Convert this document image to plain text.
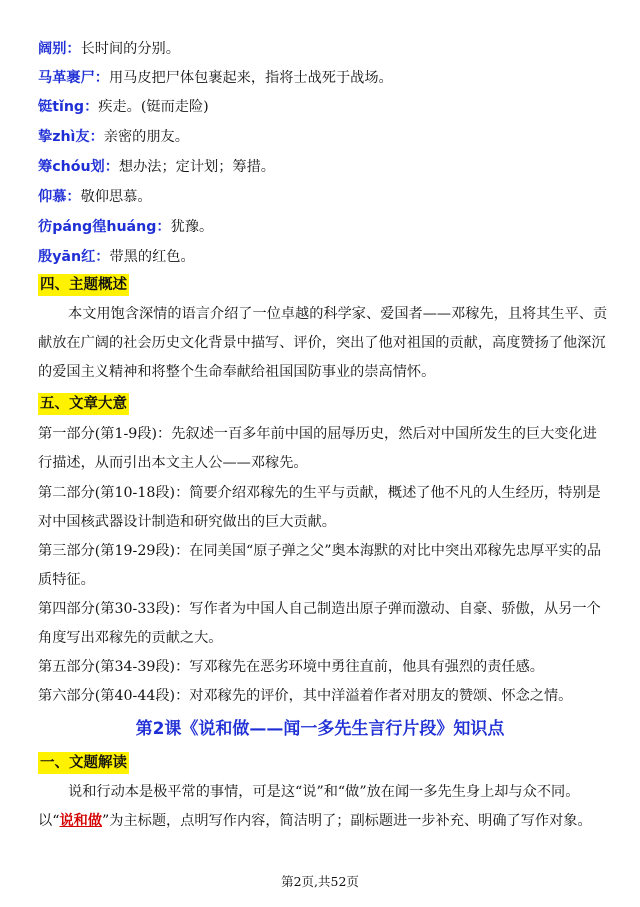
阔别：长时间的分别。
马革裹尸：用马皮把尸体包裹起来，指将士战死于战场。
铤tǐng：疾走。(铤而走险)
挚zhì友：亲密的朋友。
筹chóu划：想办法；定计划；筹措。
仰慕：敬仰思慕。
彷páng徨huáng：犹豫。
殷yān红：带黑的红色。
四、主题概述
本文用饱含深情的语言介绍了一位卓越的科学家、爱国者——邓稼先，且将其生平、贡献放在广阔的社会历史文化背景中描写、评价，突出了他对祖国的贡献，高度赞扬了他深沉的爱国主义精神和将整个生命奉献给祖国国防事业的崇高情怀。
五、文章大意
第一部分(第1-9段)：先叙述一百多年前中国的屈辱历史，然后对中国所发生的巨大变化进行描述，从而引出本文主人公——邓稼先。
第二部分(第10-18段)：简要介绍邓稼先的生平与贡献，概述了他不凡的人生经历，特别是对中国核武器设计制造和研究做出的巨大贡献。
第三部分(第19-29段)：在同美国“原子弹之父”奥本海默的对比中突出邓稼先忠厚平实的品质特征。
第四部分(第30-33段)：写作者为中国人自己制造出原子弹而激动、自豪、骄傲，从另一个角度写出邓稼先的贡献之大。
第五部分(第34-39段)：写邓稼先在恶劣环境中勇往直前，他具有强烈的责任感。
第六部分(第40-44段)：对邓稼先的评价，其中洋溢着作者对朋友的赞颂、怀念之情。
第2课《说和做——闻一多先生言行片段》知识点
一、文题解读
说和行动本是极平常的事情，可是这“说”和“做”放在闻一多先生身上却与众不同。以“说和做”为主标题，点明写作内容，简洁明了；副标题进一步补充、明确了写作对象。
第2页,共52页
